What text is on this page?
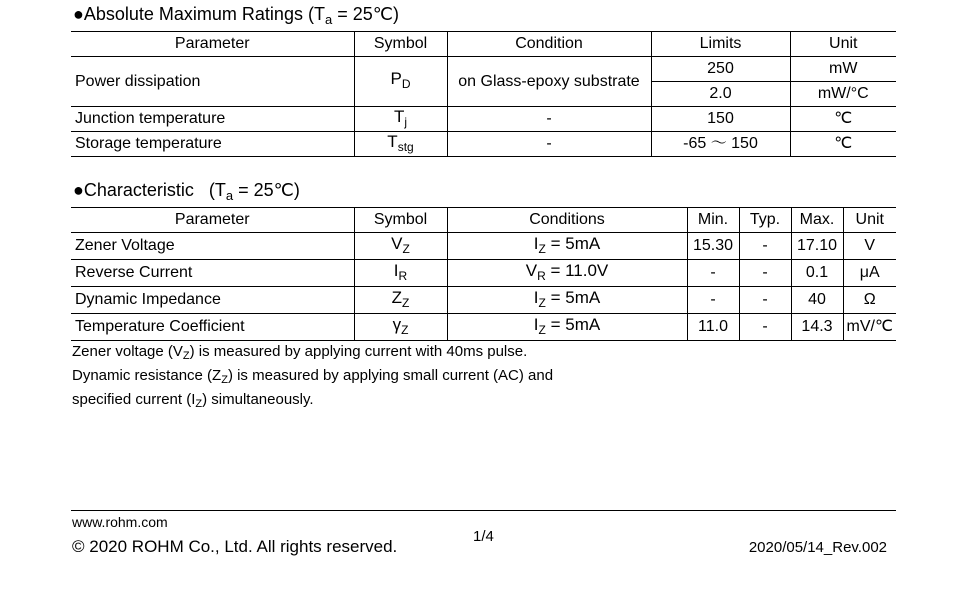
●Absolute Maximum Ratings ($T_a$ = 25℃)
Parameter	Symbol	Condition	Limits	Unit
Power dissipation	$P_D$	on Glass-epoxy substrate	250	mW
			2.0	mW/°C
Junction temperature	$T_j$	-	150	℃
Storage temperature	$T_{stg}$	-	-65 ～ 150	℃
●Characteristic   ($T_a$ = 25℃)
Parameter	Symbol	Conditions	Min.	Typ.	Max.	Unit
Zener Voltage	$V_Z$	$I_Z = 5mA$	15.30	-	17.10	V
Reverse Current	$I_R$	$V_R = 11.0V$	-	-	0.1	μA
Dynamic Impedance	$Z_Z$	$I_Z = 5mA$	-	-	40	Ω
Temperature Coefficient	$\gamma_Z$	$I_Z = 5mA$	11.0	-	14.3	mV/℃
Zener voltage $(V_Z)$ is measured by applying current with 40ms pulse.
Dynamic resistance $(Z_Z)$ is measured by applying small current (AC) and
specified current $(I_Z)$ simultaneously.
www.rohm.com
© 2020 ROHM Co., Ltd. All rights reserved.
1/4
2020/05/14_Rev.002
